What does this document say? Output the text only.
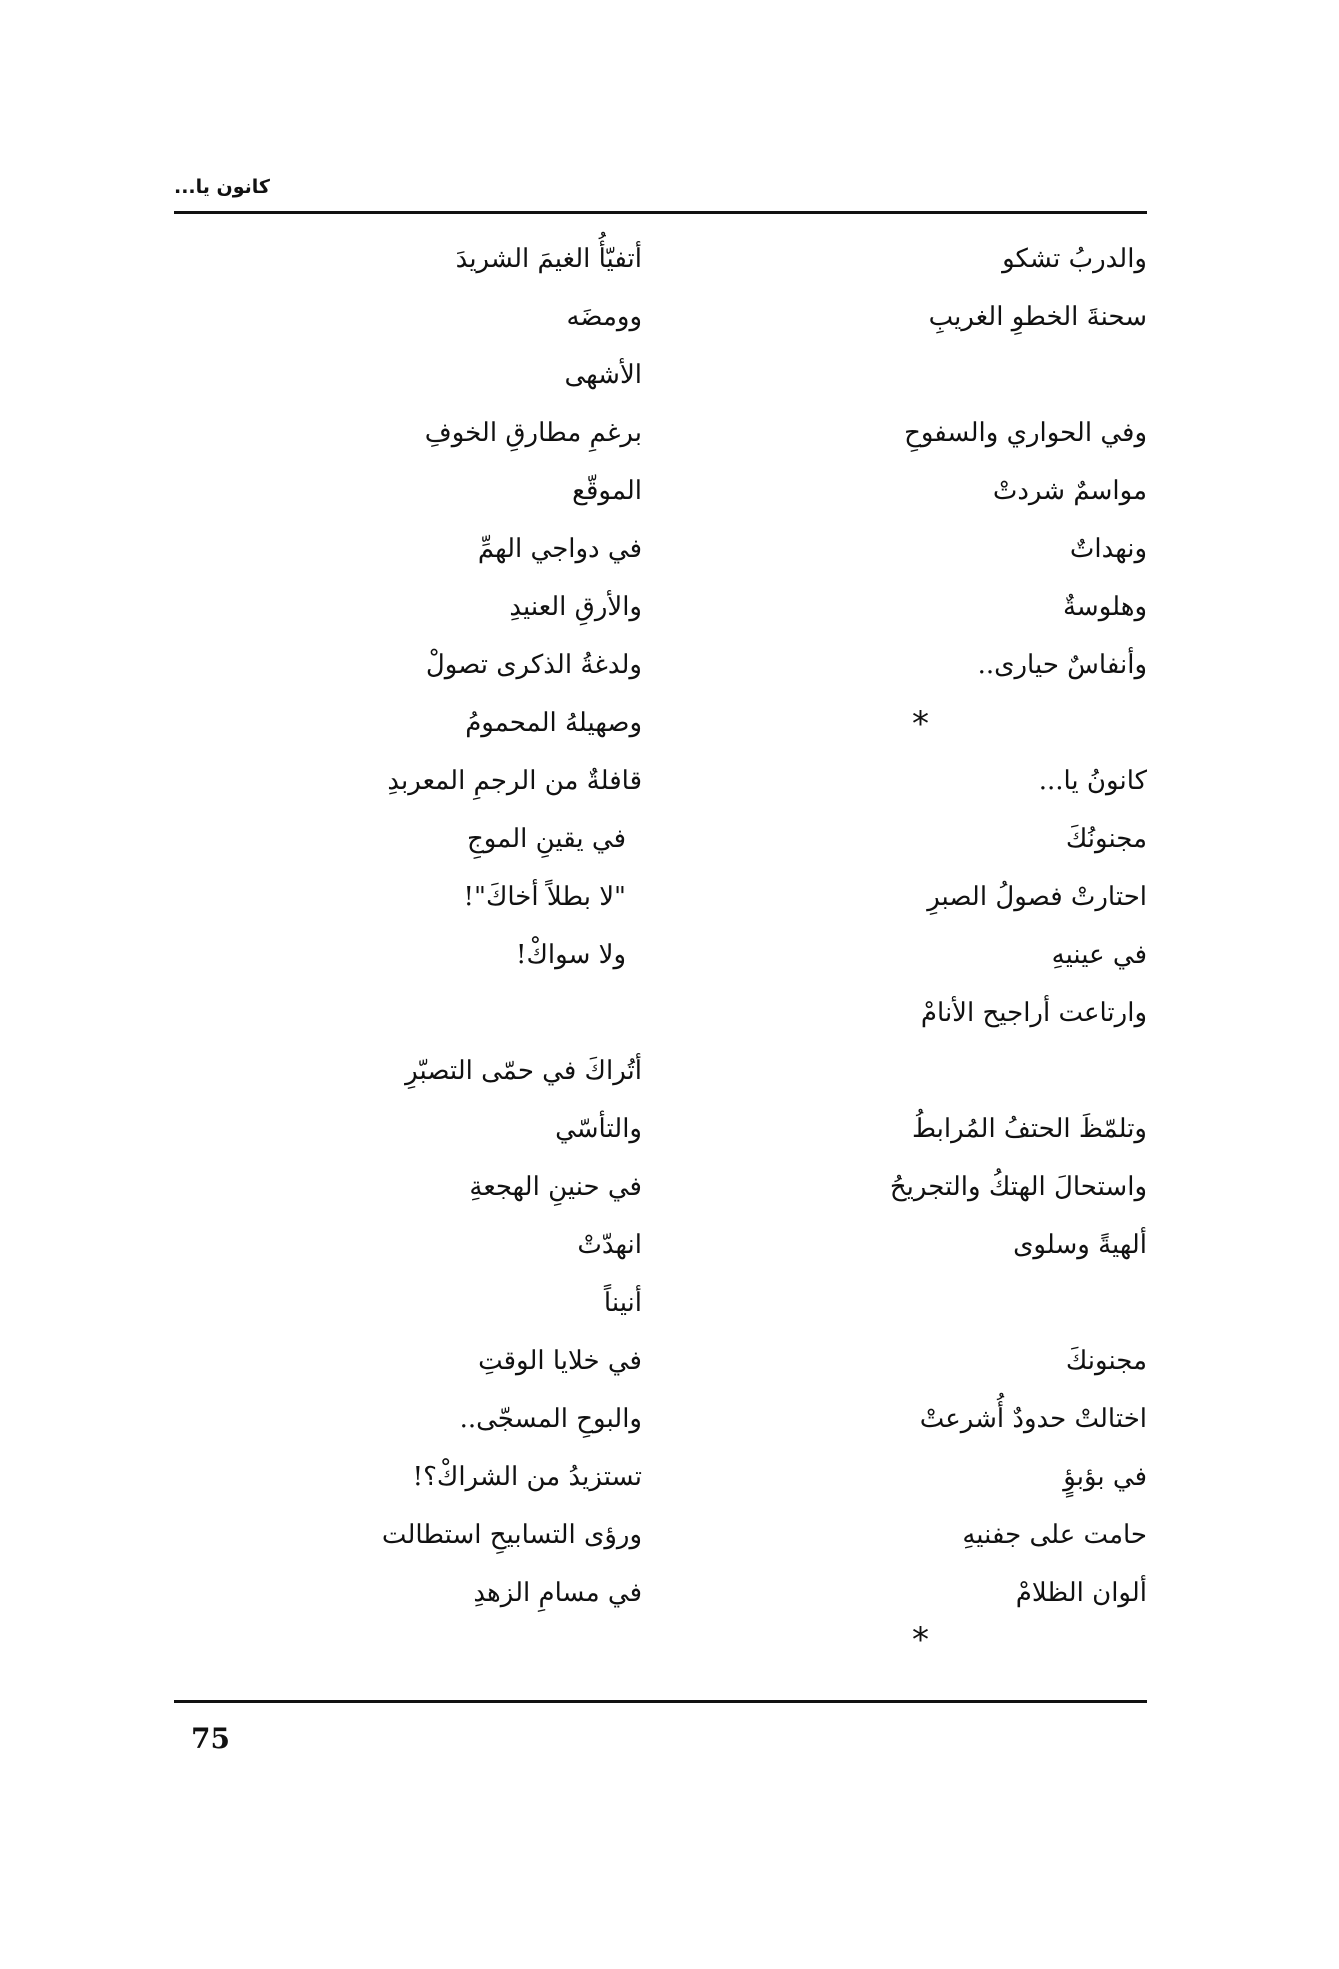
كانون يا...
والدربُ تشكو
سحنةَ الخطوِ الغريبِ
وفي الحواري والسفوحِ
مواسمٌ شردتْ
ونهداتٌ
وهلوسةٌ
وأنفاسٌ حيارى..
*
كانونُ يا...
مجنونُكَ
احتارتْ فصولُ الصبرِ
في عينيهِ
وارتاعت أراجيح الأنامْ
وتلمّظَ الحتفُ المُرابطُ
واستحالَ الهتكُ والتجريحُ
ألهيةً وسلوى
مجنونكَ
اختالتْ حدودٌ أُشرعتْ
في بؤبؤٍ
حامت على جفنيهِ
ألوان الظلامْ
*
أتفيّأُ الغيمَ الشريدَ
وومضَه
الأشهى
برغمِ مطارقِ الخوفِ
الموقّع
في دواجي الهمِّ
والأرقِ العنيدِ
ولدغةُ الذكرى تصولْ
وصهيلهُ المحمومُ
قافلةٌ من الرجمِ المعربدِ
في يقينِ الموجِ
"لا بطلاً أخاكَ"!
ولا سواكْ!
أتُراكَ في حمّى التصبّرِ
والتأسّي
في حنينِ الهجعةِ
انهدّتْ
أنيناً
في خلايا الوقتِ
والبوحِ المسجّى..
تستزيدُ من الشراكْ؟!
ورؤى التسابيحِ استطالت
في مسامِ الزهدِ
75
